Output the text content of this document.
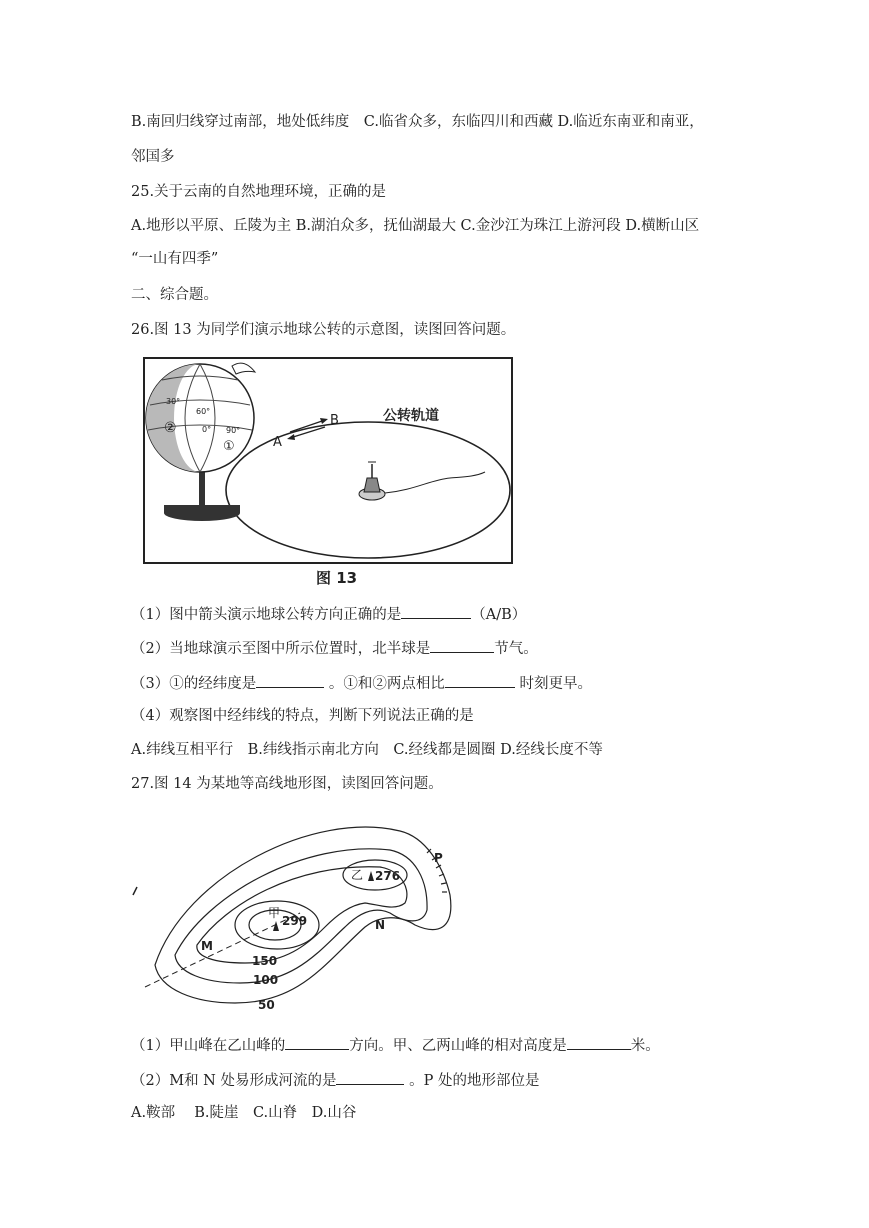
B.南回归线穿过南部，地处低纬度　C.临省众多，东临四川和西藏 D.临近东南亚和南亚，
邻国多
25.关于云南的自然地理环境，正确的是
A.地形以平原、丘陵为主 B.湖泊众多，抚仙湖最大 C.金沙江为珠江上游河段 D.横断山区
“一山有四季”
二、综合题。
26.图 13 为同学们演示地球公转的示意图，读图回答问题。
公转轨道
A
B
30°
60°
0° 90°
①
②
图 13
（1）图中箭头演示地球公转方向正确的是	（A/B）
（2）当地球演示至图中所示位置时，北半球是	节气。
（3）①的经纬度是	。①和②两点相比	时刻更早。
（4）观察图中经纬线的特点，判断下列说法正确的是
A.纬线互相平行　B.纬线指示南北方向　C.经线都是圆圈 D.经线长度不等
27.图 14 为某地等高线地形图，读图回答问题。
甲
299
乙 276
150
100
50
M
N
P
（1）甲山峰在乙山峰的	方向。甲、乙两山峰的相对高度是	米。
（2）M和 N 处易形成河流的是	。P 处的地形部位是
A.鞍部　 B.陡崖　C.山脊　D.山谷
